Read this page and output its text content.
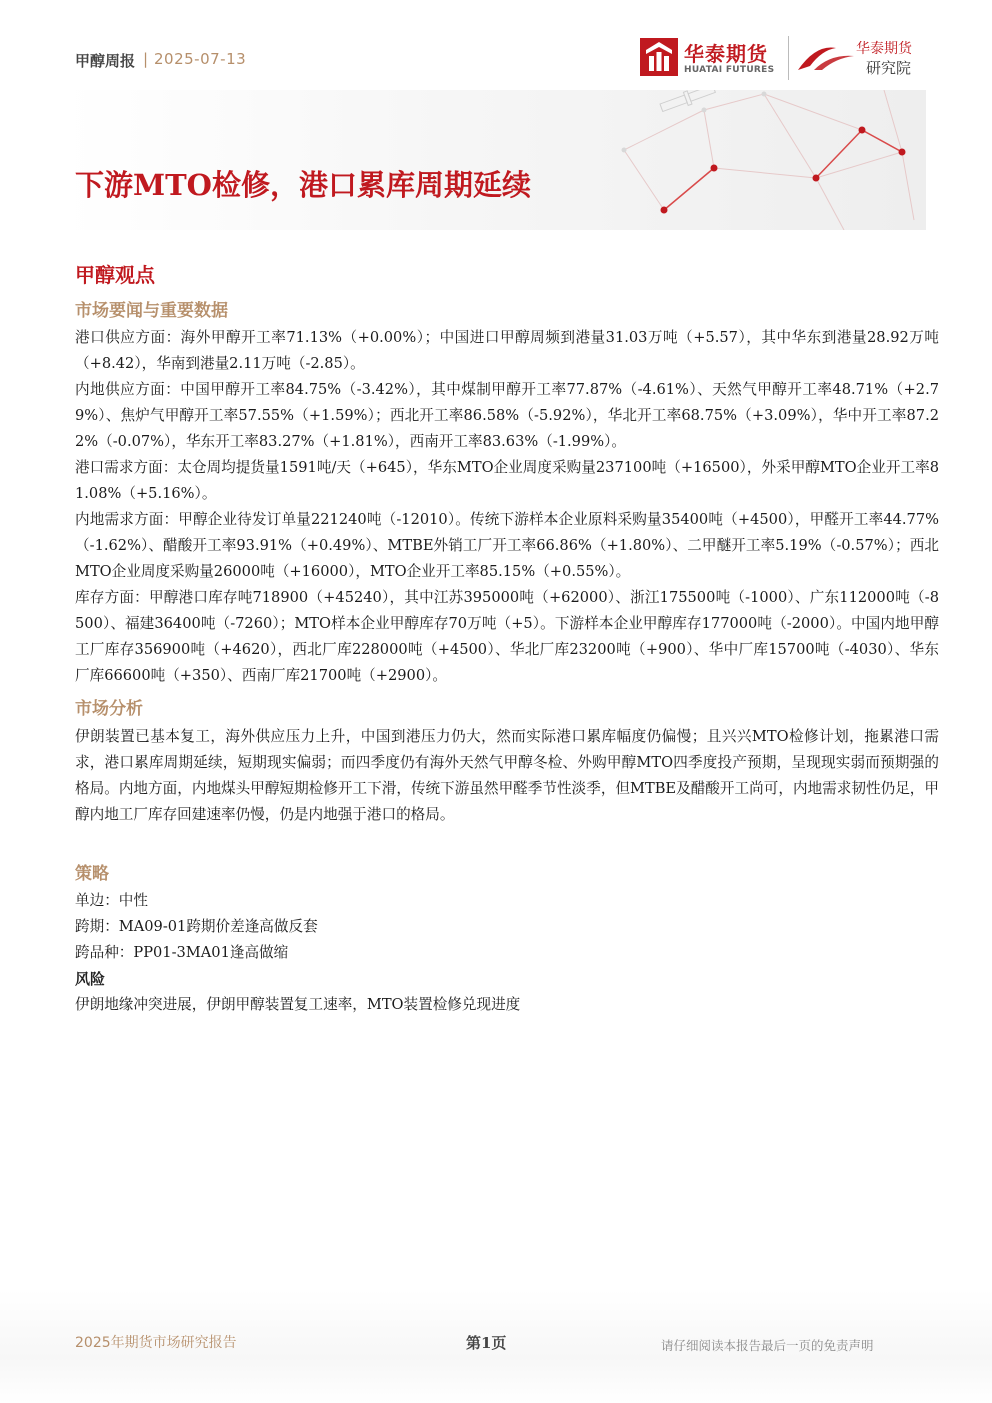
甲醇周报 | 2025-07-13	华泰期货
HUATAI FUTURES
华泰期货
研究院
下游MTO检修，港口累库周期延续
甲醇观点
市场要闻与重要数据
港口供应方面：海外甲醇开工率71.13%（+0.00%）；中国进口甲醇周频到港量31.03万吨（+5.57），其中华东到港量28.92万吨（+8.42），华南到港量2.11万吨（-2.85）。
内地供应方面：中国甲醇开工率84.75%（-3.42%），其中煤制甲醇开工率77.87%（-4.61%）、天然气甲醇开工率48.71%（+2.79%）、焦炉气甲醇开工率57.55%（+1.59%）；西北开工率86.58%（-5.92%），华北开工率68.75%（+3.09%），华中开工率87.22%（-0.07%），华东开工率83.27%（+1.81%），西南开工率83.63%（-1.99%）。
港口需求方面：太仓周均提货量1591吨/天（+645），华东MTO企业周度采购量237100吨（+16500），外采甲醇MTO企业开工率81.08%（+5.16%）。
内地需求方面：甲醇企业待发订单量221240吨（-12010）。传统下游样本企业原料采购量35400吨（+4500），甲醛开工率44.77%（-1.62%）、醋酸开工率93.91%（+0.49%）、MTBE外销工厂开工率66.86%（+1.80%）、二甲醚开工率5.19%（-0.57%）；西北MTO企业周度采购量26000吨（+16000），MTO企业开工率85.15%（+0.55%）。
库存方面：甲醇港口库存吨718900（+45240），其中江苏395000吨（+62000）、浙江175500吨（-1000）、广东112000吨（-8500）、福建36400吨（-7260）；MTO样本企业甲醇库存70万吨（+5）。下游样本企业甲醇库存177000吨（-2000）。中国内地甲醇工厂库存356900吨（+4620），西北厂库228000吨（+4500）、华北厂库23200吨（+900）、华中厂库15700吨（-4030）、华东厂库66600吨（+350）、西南厂库21700吨（+2900）。
市场分析
伊朗装置已基本复工，海外供应压力上升，中国到港压力仍大，然而实际港口累库幅度仍偏慢；且兴兴MTO检修计划，拖累港口需求，港口累库周期延续，短期现实偏弱；而四季度仍有海外天然气甲醇冬检、外购甲醇MTO四季度投产预期，呈现现实弱而预期强的格局。内地方面，内地煤头甲醇短期检修开工下滑，传统下游虽然甲醛季节性淡季，但MTBE及醋酸开工尚可，内地需求韧性仍足，甲醇内地工厂库存回建速率仍慢，仍是内地强于港口的格局。
策略
单边：中性
跨期：MA09-01跨期价差逢高做反套
跨品种：PP01-3MA01逢高做缩
风险
伊朗地缘冲突进展，伊朗甲醇装置复工速率，MTO装置检修兑现进度
2025年期货市场研究报告	第1页	请仔细阅读本报告最后一页的免责声明
